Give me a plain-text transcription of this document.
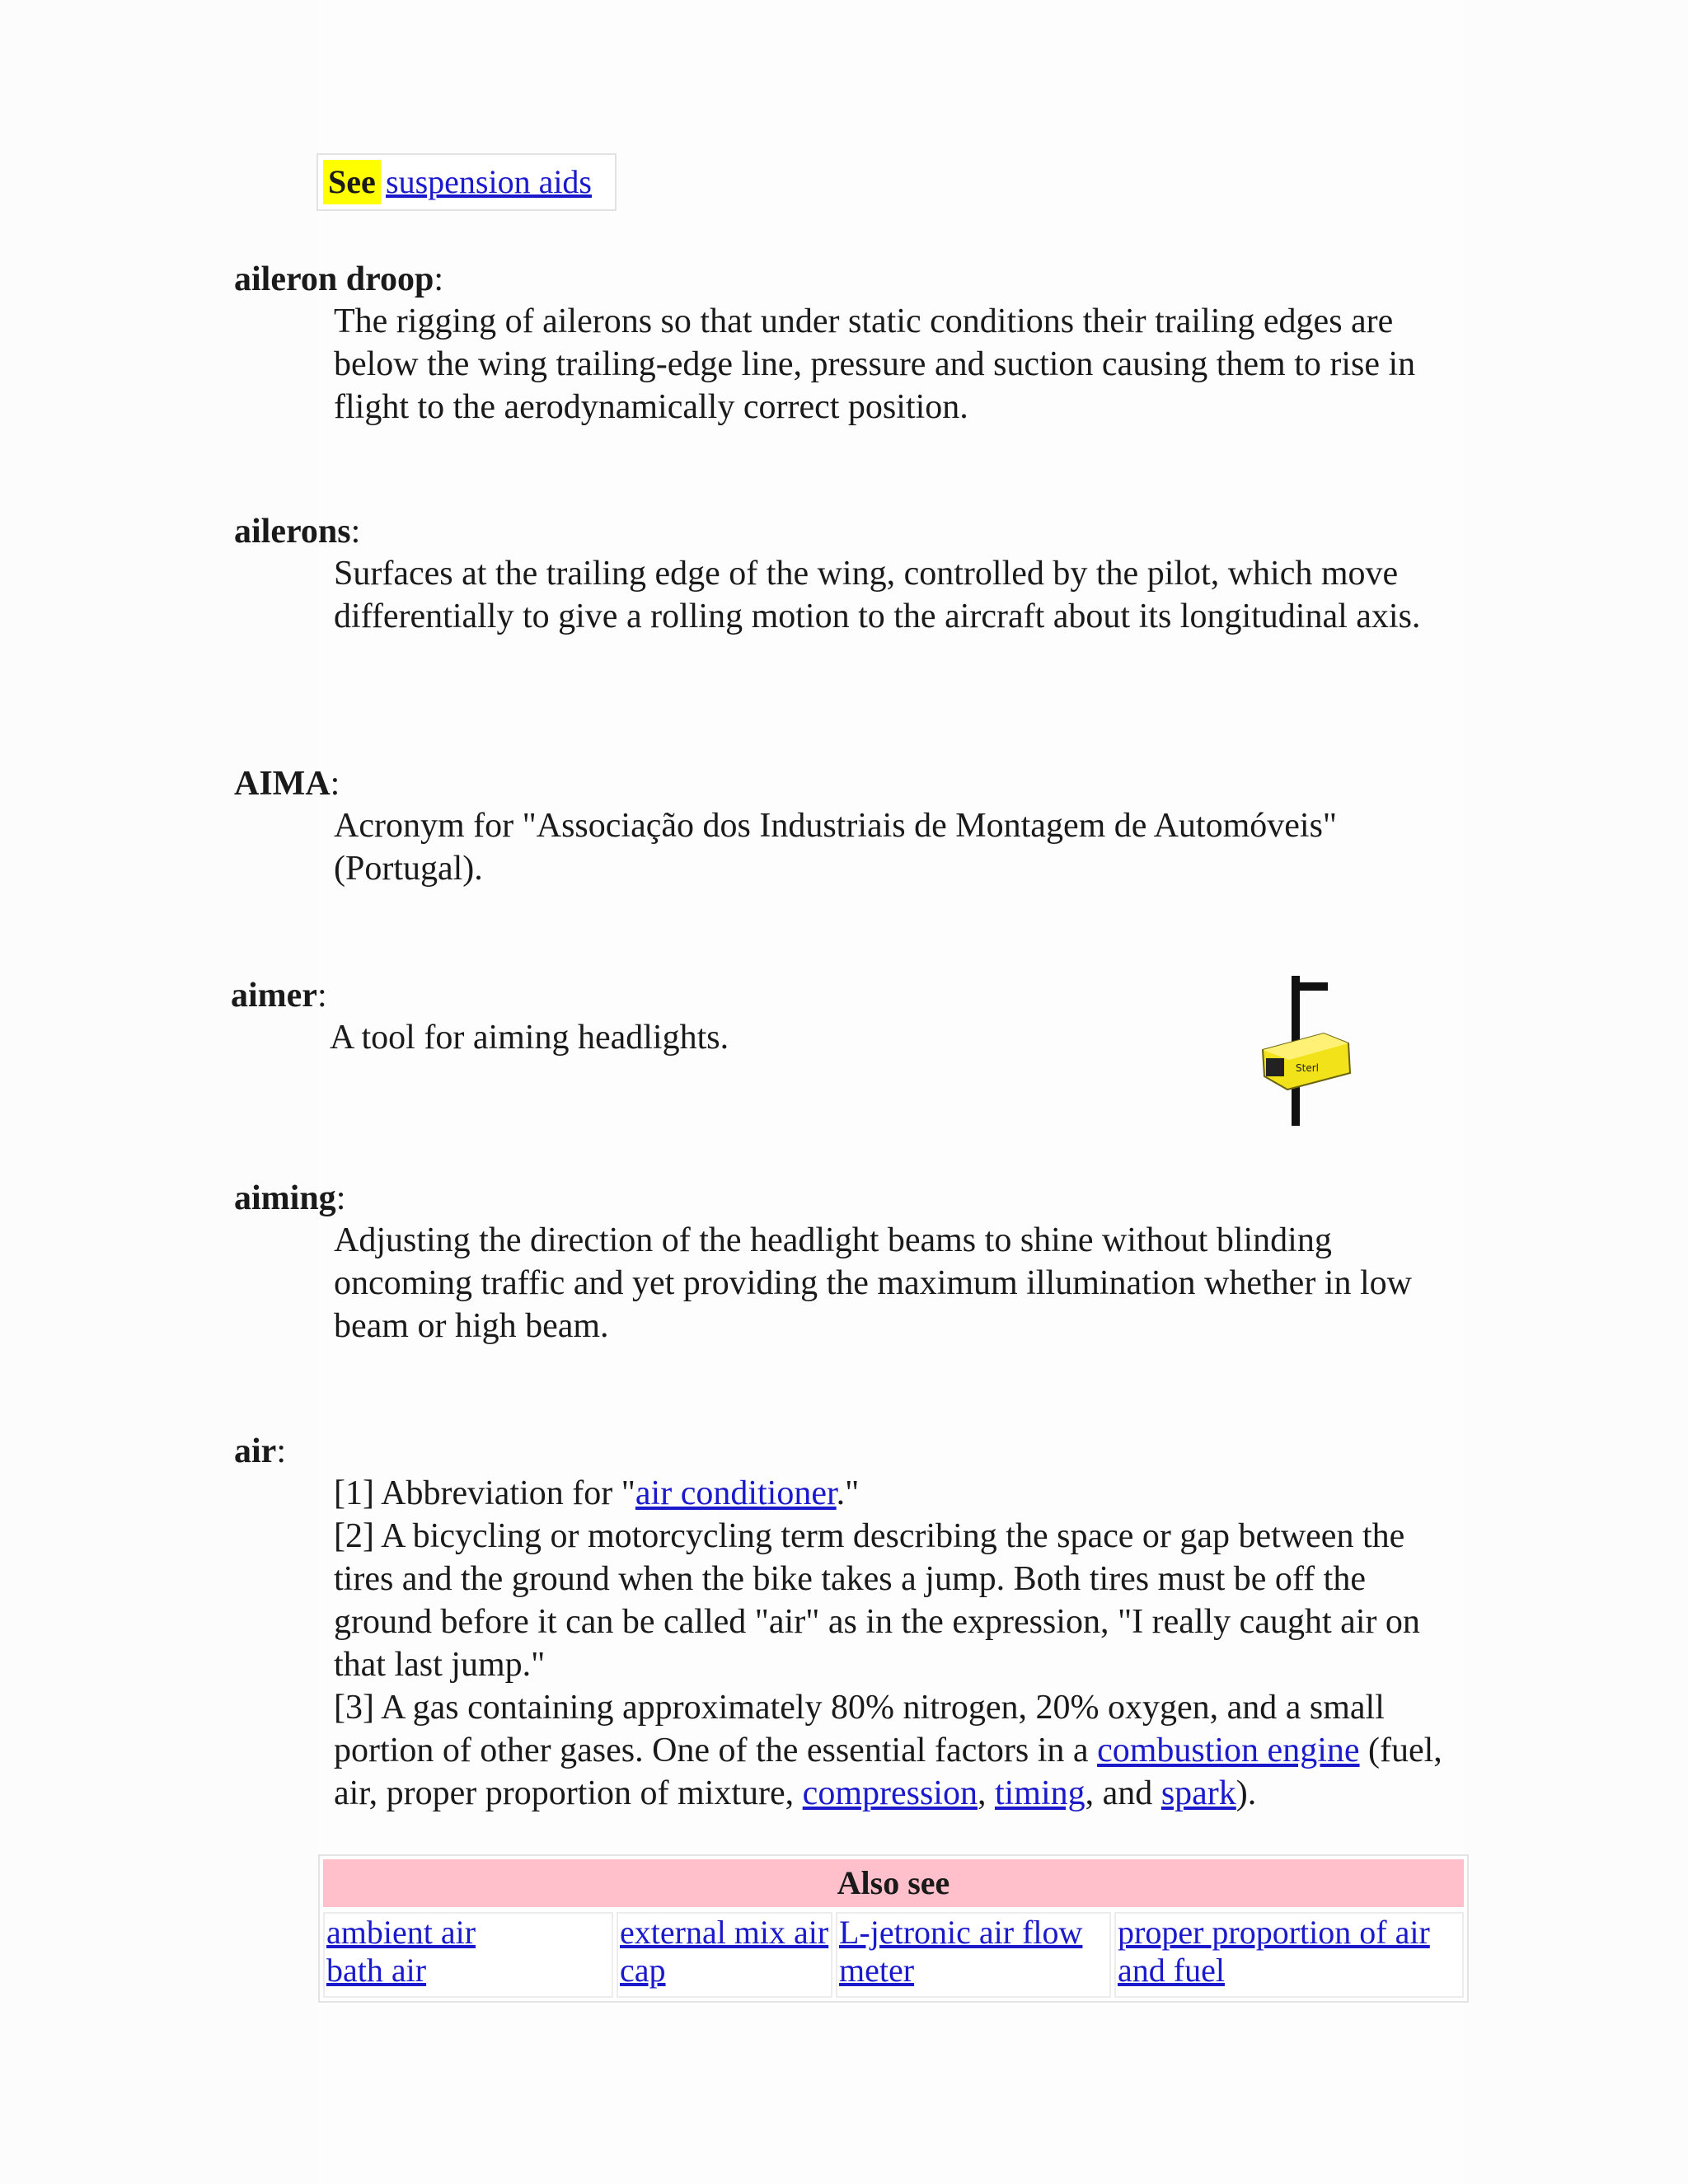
See suspension aids
aileron droop:

The rigging of ailerons so that under static conditions their trailing edges are below the wing trailing-edge line, pressure and suction causing them to rise in flight to the aerodynamically correct position.

ailerons:

Surfaces at the trailing edge of the wing, controlled by the pilot, which move differentially to give a rolling motion to the aircraft about its longitudinal axis.

AIMA:

Acronym for "Associação dos Industriais de Montagem de Automóveis" (Portugal).

aimer:

A tool for aiming headlights.

Sterl
aiming:

Adjusting the direction of the headlight beams to shine without blinding oncoming traffic and yet providing the maximum illumination whether in low beam or high beam.

air:

[1] Abbreviation for "air conditioner."

[2] A bicycling or motorcycling term describing the space or gap between the tires and the ground when the bike takes a jump. Both tires must be off the ground before it can be called "air" as in the expression, "I really caught air on that last jump."

[3] A gas containing approximately 80% nitrogen, 20% oxygen, and a small portion of other gases. One of the essential factors in a combustion engine (fuel, air, proper proportion of mixture, compression, timing, and spark).

Also see
ambient air
bath air
external mix air cap
L-jetronic air flow meter
proper proportion of air and fuel
